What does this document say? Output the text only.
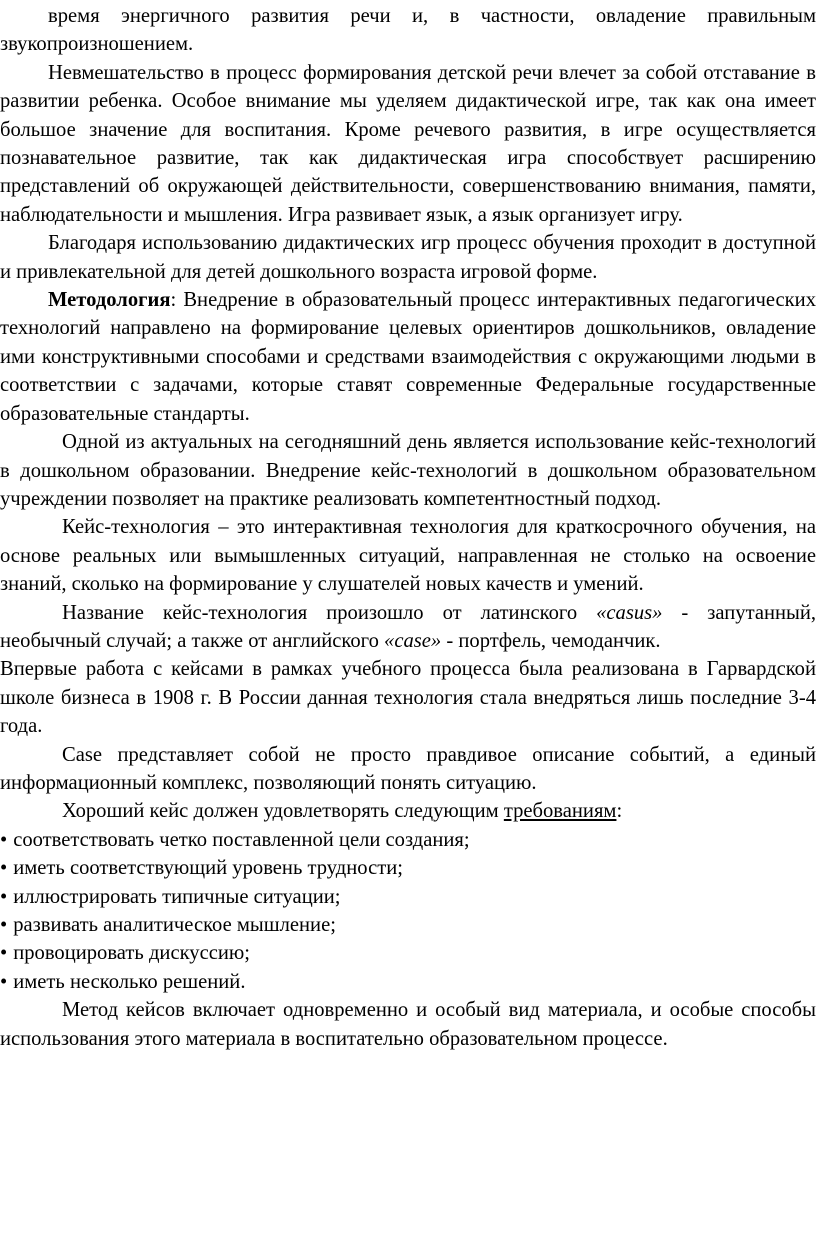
время энергичного развития речи и, в частности, овладение правильным звукопроизношением.

Невмешательство в процесс формирования детской речи влечет за собой отставание в развитии ребенка. Особое внимание мы уделяем дидактической игре, так как она имеет большое значение для воспитания. Кроме речевого развития, в игре осуществляется познавательное развитие, так как дидактическая игра способствует расширению представлений об окружающей действительности, совершенствованию внимания, памяти, наблюдательности и мышления. Игра развивает язык, а язык организует игру.

Благодаря использованию дидактических игр процесс обучения проходит в доступной и привлекательной для детей дошкольного возраста игровой форме.

Методология: Внедрение в образовательный процесс интерактивных педагогических технологий направлено на формирование целевых ориентиров дошкольников, овладение ими конструктивными способами и средствами взаимодействия с окружающими людьми в соответствии с задачами, которые ставят современные Федеральные государственные образовательные стандарты.

Одной из актуальных на сегодняшний день является использование кейс-технологий в дошкольном образовании. Внедрение кейс-технологий в дошкольном образовательном учреждении позволяет на практике реализовать компетентностный подход.

Кейс-технология – это интерактивная технология для краткосрочного обучения, на основе реальных или вымышленных ситуаций, направленная не столько на освоение знаний, сколько на формирование у слушателей новых качеств и умений.

Название кейс-технология произошло от латинского «casus» - запутанный, необычный случай; а также от английского «case» - портфель, чемоданчик.

Впервые работа с кейсами в рамках учебного процесса была реализована в Гарвардской школе бизнеса в 1908 г. В России данная технология стала внедряться лишь последние 3-4 года.

Case представляет собой не просто правдивое описание событий, а единый информационный комплекс, позволяющий понять ситуацию.

Хороший кейс должен удовлетворять следующим требованиям:

• соответствовать четко поставленной цели создания;
• иметь соответствующий уровень трудности;
• иллюстрировать типичные ситуации;
• развивать аналитическое мышление;
• провоцировать дискуссию;
• иметь несколько решений.

Метод кейсов включает одновременно и особый вид материала, и особые способы использования этого материала в воспитательно образовательном процессе.
